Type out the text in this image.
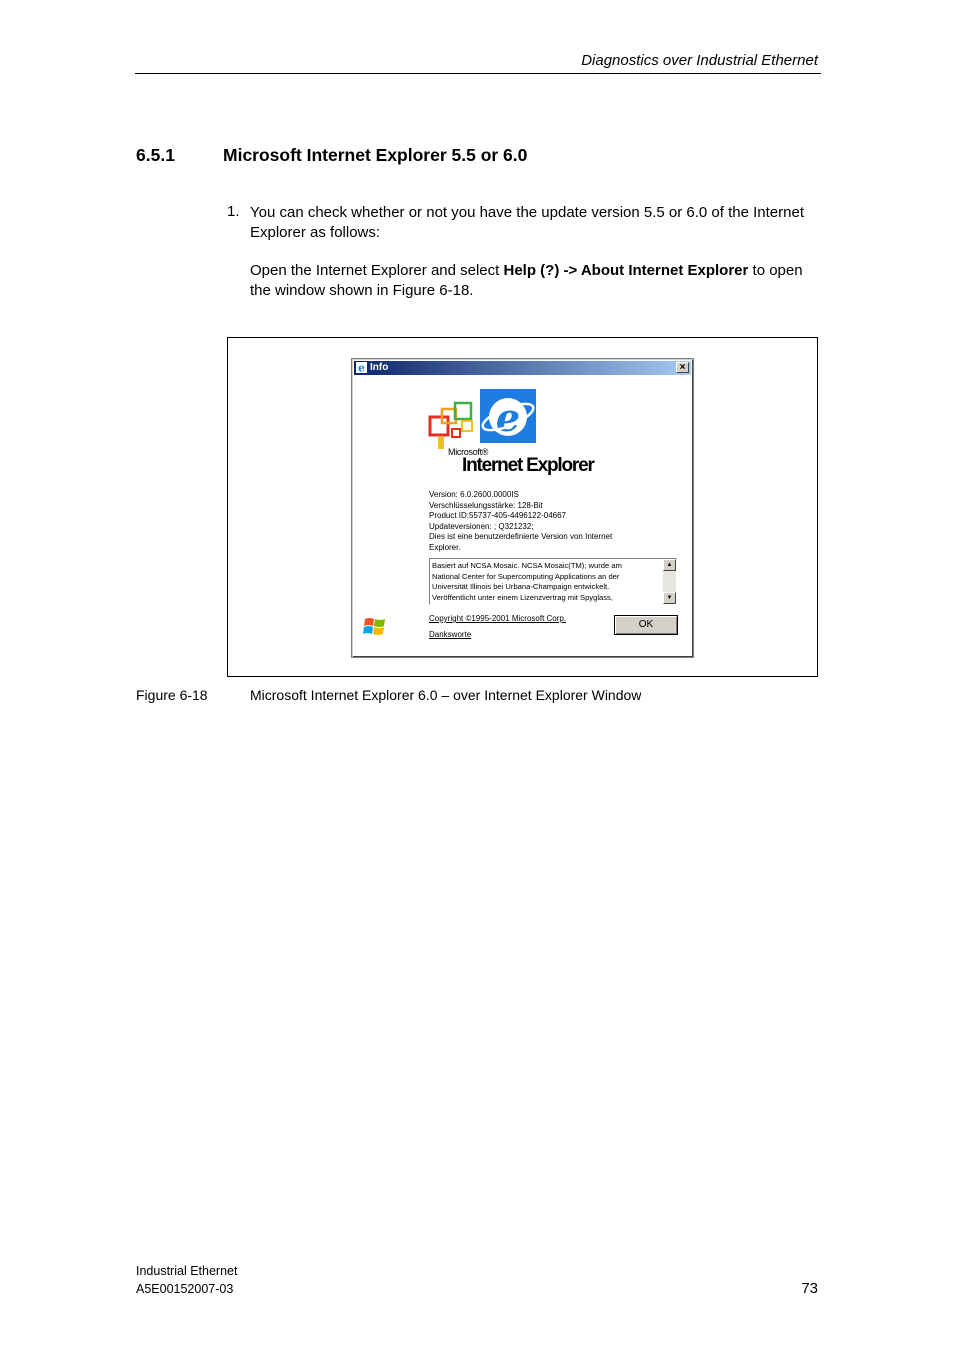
Diagnostics over Industrial Ethernet
6.5.1	Microsoft Internet Explorer 5.5 or 6.0
1. You can check whether or not you have the update version 5.5 or 6.0 of the Internet Explorer as follows:
Open the Internet Explorer and select Help (?) -> About Internet Explorer to open the window shown in Figure 6-18.
e Info	×
e
Microsoft®
Internet Explorer
Version: 6.0.2600.0000IS
Verschlüsselungsstärke: 128-Bit
Product ID:55737-405-4496122-04667
Updateversionen: ; Q321232;
Dies ist eine benutzerdefinierte Version von Internet
Explorer.
Basiert auf NCSA Mosaic. NCSA Mosaic(TM); wurde am
National Center for Supercomputing Applications an der
Universität Illinois bei Urbana-Champaign entwickelt.
Veröffentlicht unter einem Lizenzvertrag mit Spyglass,
▲
▼
Copyright ©1995-2001 Microsoft Corp.
Danksworte
OK
Figure 6-18	Microsoft Internet Explorer 6.0 – over Internet Explorer Window
Industrial Ethernet
A5E00152007-03	73
